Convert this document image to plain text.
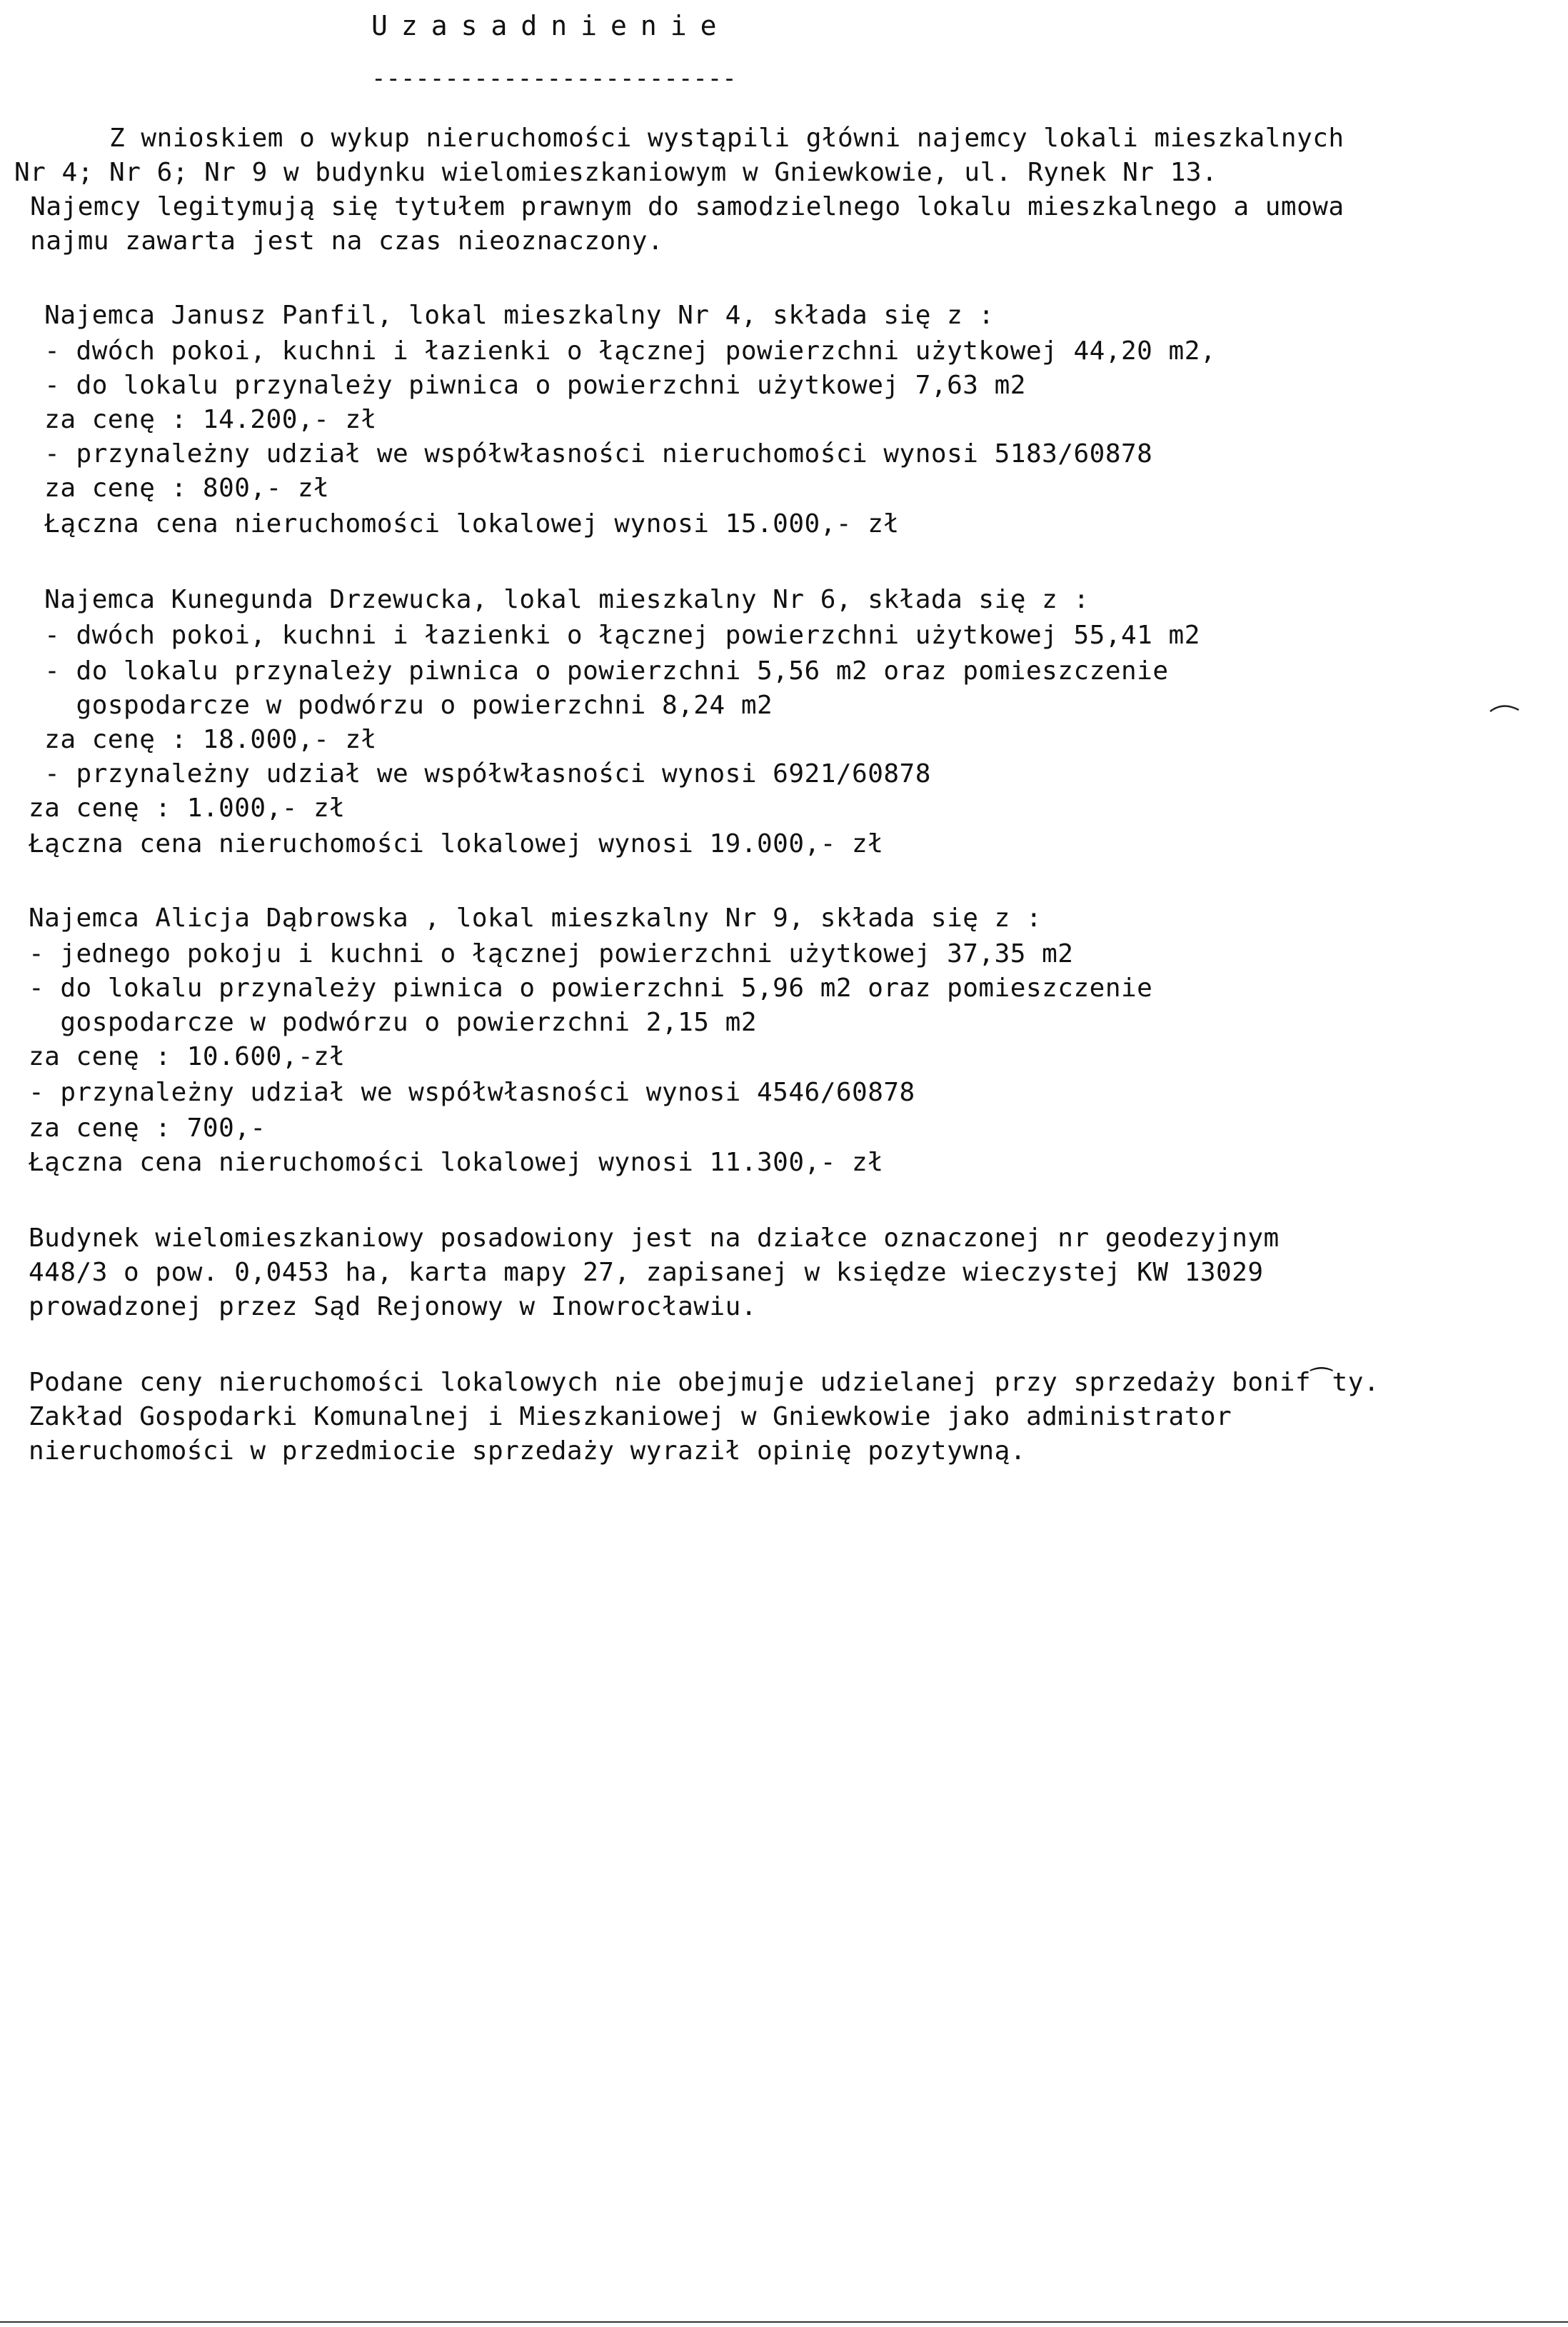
Uzasadnienie
-------------------------
Z wnioskiem o wykup nieruchomości wystąpili główni najemcy lokali mieszkalnych
Nr 4; Nr 6; Nr 9 w budynku wielomieszkaniowym w Gniewkowie, ul. Rynek Nr 13.
Najemcy legitymują się tytułem prawnym do samodzielnego lokalu mieszkalnego a umowa
najmu zawarta jest na czas nieoznaczony.
Najemca Janusz Panfil, lokal mieszkalny Nr 4, składa się z :
- dwóch pokoi, kuchni i łazienki o łącznej powierzchni użytkowej 44,20 m2,
- do lokalu przynależy piwnica o powierzchni użytkowej 7,63 m2
za cenę : 14.200,- zł
- przynależny udział we współwłasności nieruchomości wynosi 5183/60878
za cenę : 800,- zł
Łączna cena nieruchomości lokalowej wynosi 15.000,- zł
Najemca Kunegunda Drzewucka, lokal mieszkalny Nr 6, składa się z :
- dwóch pokoi, kuchni i łazienki o łącznej powierzchni użytkowej 55,41 m2
- do lokalu przynależy piwnica o powierzchni 5,56 m2 oraz pomieszczenie
gospodarcze w podwórzu o powierzchni 8,24 m2
za cenę : 18.000,- zł
- przynależny udział we współwłasności wynosi 6921/60878
za cenę : 1.000,- zł
Łączna cena nieruchomości lokalowej wynosi 19.000,- zł
Najemca Alicja Dąbrowska , lokal mieszkalny Nr 9, składa się z :
- jednego pokoju i kuchni o łącznej powierzchni użytkowej 37,35 m2
- do lokalu przynależy piwnica o powierzchni 5,96 m2 oraz pomieszczenie
gospodarcze w podwórzu o powierzchni 2,15 m2
za cenę : 10.600,-zł
- przynależny udział we współwłasności wynosi 4546/60878
za cenę : 700,-
Łączna cena nieruchomości lokalowej wynosi 11.300,- zł
Budynek wielomieszkaniowy posadowiony jest na działce oznaczonej nr geodezyjnym
448/3 o pow. 0,0453 ha, karta mapy 27, zapisanej w księdze wieczystej KW 13029
prowadzonej przez Sąd Rejonowy w Inowrocławiu.
Podane ceny nieruchomości lokalowych nie obejmuje udzielanej przy sprzedaży bonif⁀ty.
Zakład Gospodarki Komunalnej i Mieszkaniowej w Gniewkowie jako administrator
nieruchomości w przedmiocie sprzedaży wyraził opinię pozytywną.
